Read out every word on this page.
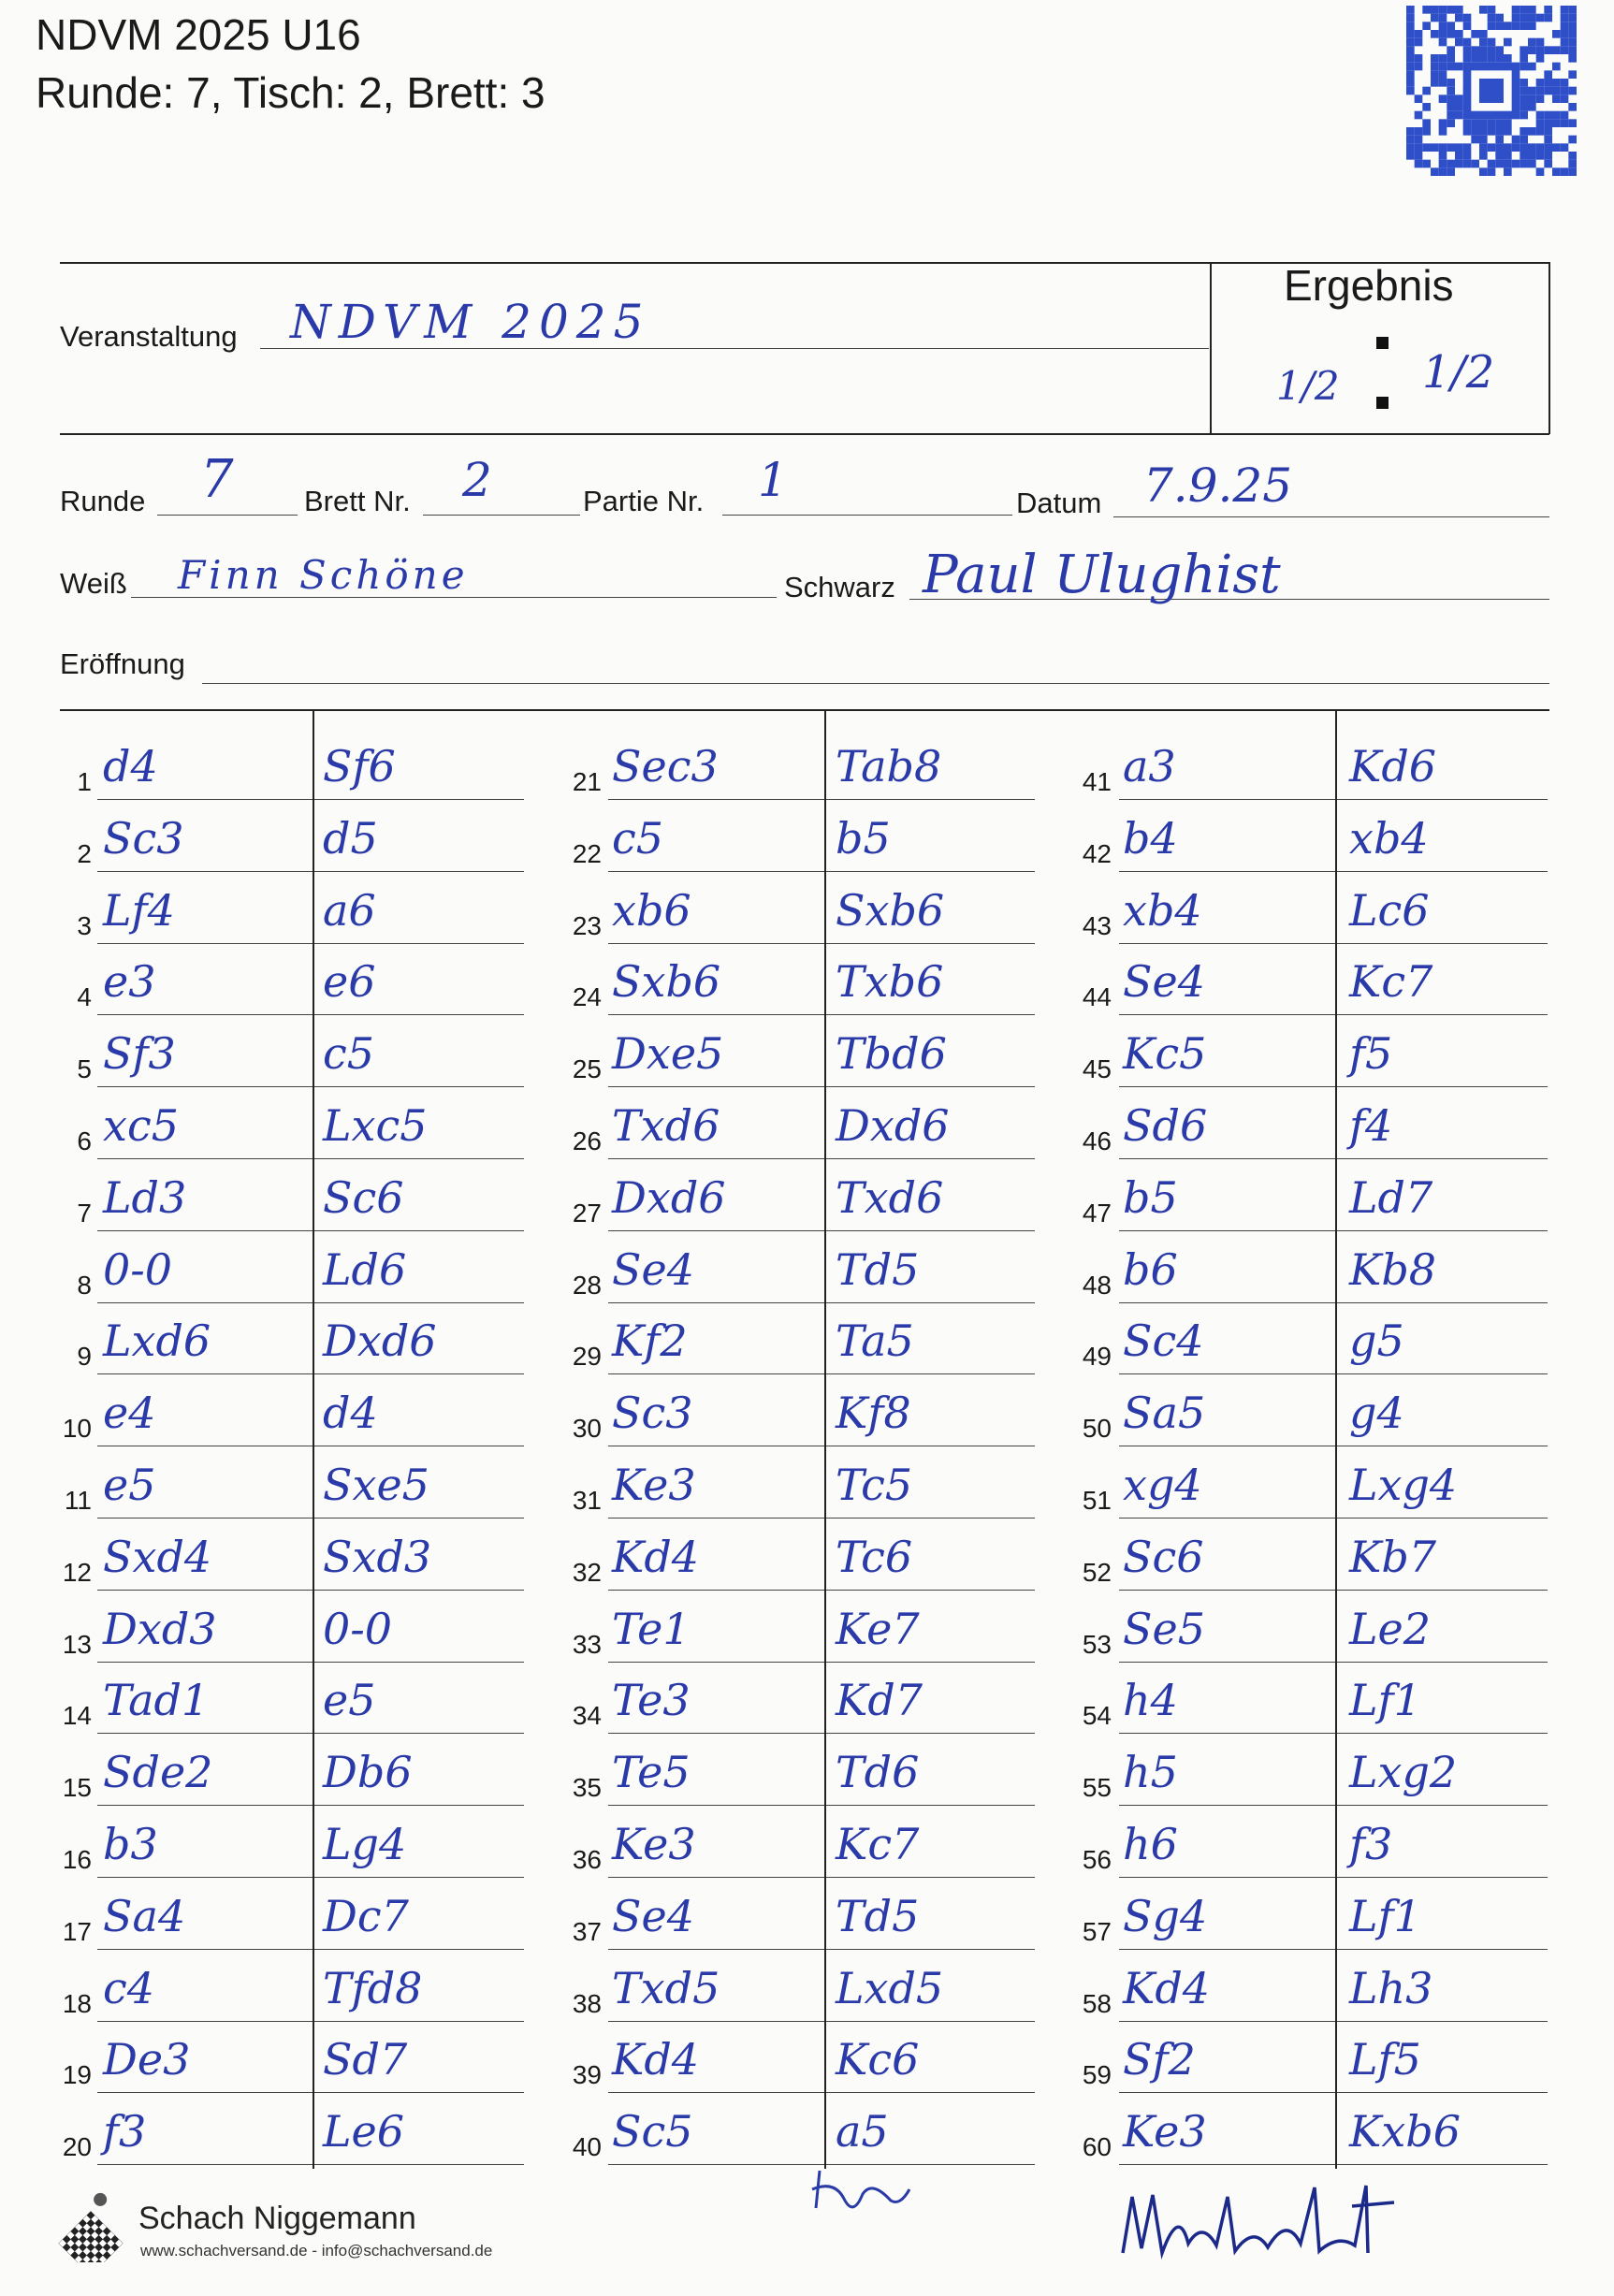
NDVM 2025 U16
Runde: 7, Tisch: 2, Brett: 3
Veranstaltung NDVM 2025
Ergebnis
1/2 1/2
Runde 7 Brett Nr. 2	Partie Nr. 1	Datum 7.9.25
Weiß Finn Schöne	Schwarz Paul Ulughist
Eröffnung
1 d4	Sf6
2 Sc3	d5
3 Lf4	a6
4 e3	e6
5 Sf3	c5
6 xc5	Lxc5
7 Ld3	Sc6
8 0-0	Ld6
9 Lxd6	Dxd6
10 e4	d4
11 e5	Sxe5
12 Sxd4	Sxd3
13 Dxd3 0-0
14 Tad1	e5
15 Sde2	Db6
16 b3	Lg4
17 Sa4	Dc7
18 c4	Tfd8
19 De3	Sd7
20 f3	Le6
21 Sec3	Tab8
22 c5	b5
23 xb6	Sxb6
24 Sxb6	Txb6
25 Dxe5	Tbd6
26 Txd6	Dxd6
27 Dxd6	Txd6
28 Se4	Td5
29 Kf2	Ta5
30 Sc3	Kf8
31 Ke3	Tc5
32 Kd4	Tc6
33 Te1	Ke7
34 Te3	Kd7
35 Te5	Td6
36 Ke3	Kc7
37 Se4	Td5
38 Txd5	Lxd5
39 Kd4	Kc6
40 Sc5	a5
41 a3	Kd6
42 b4	xb4
43 xb4	Lc6
44 Se4	Kc7
45 Kc5	f5
46 Sd6	f4
47 b5	Ld7
48 b6	Kb8
49 Sc4	g5
50 Sa5	g4
51 xg4	Lxg4
52 Sc6	Kb7
53 Se5	Le2
54 h4	Lf1
55 h5	Lxg2
56 h6	f3
57 Sg4	Lf1
58 Kd4	Lh3
59 Sf2	Lf5
60 Ke3	Kxb6
Schach Niggemann
www.schachversand.de - info@schachversand.de
